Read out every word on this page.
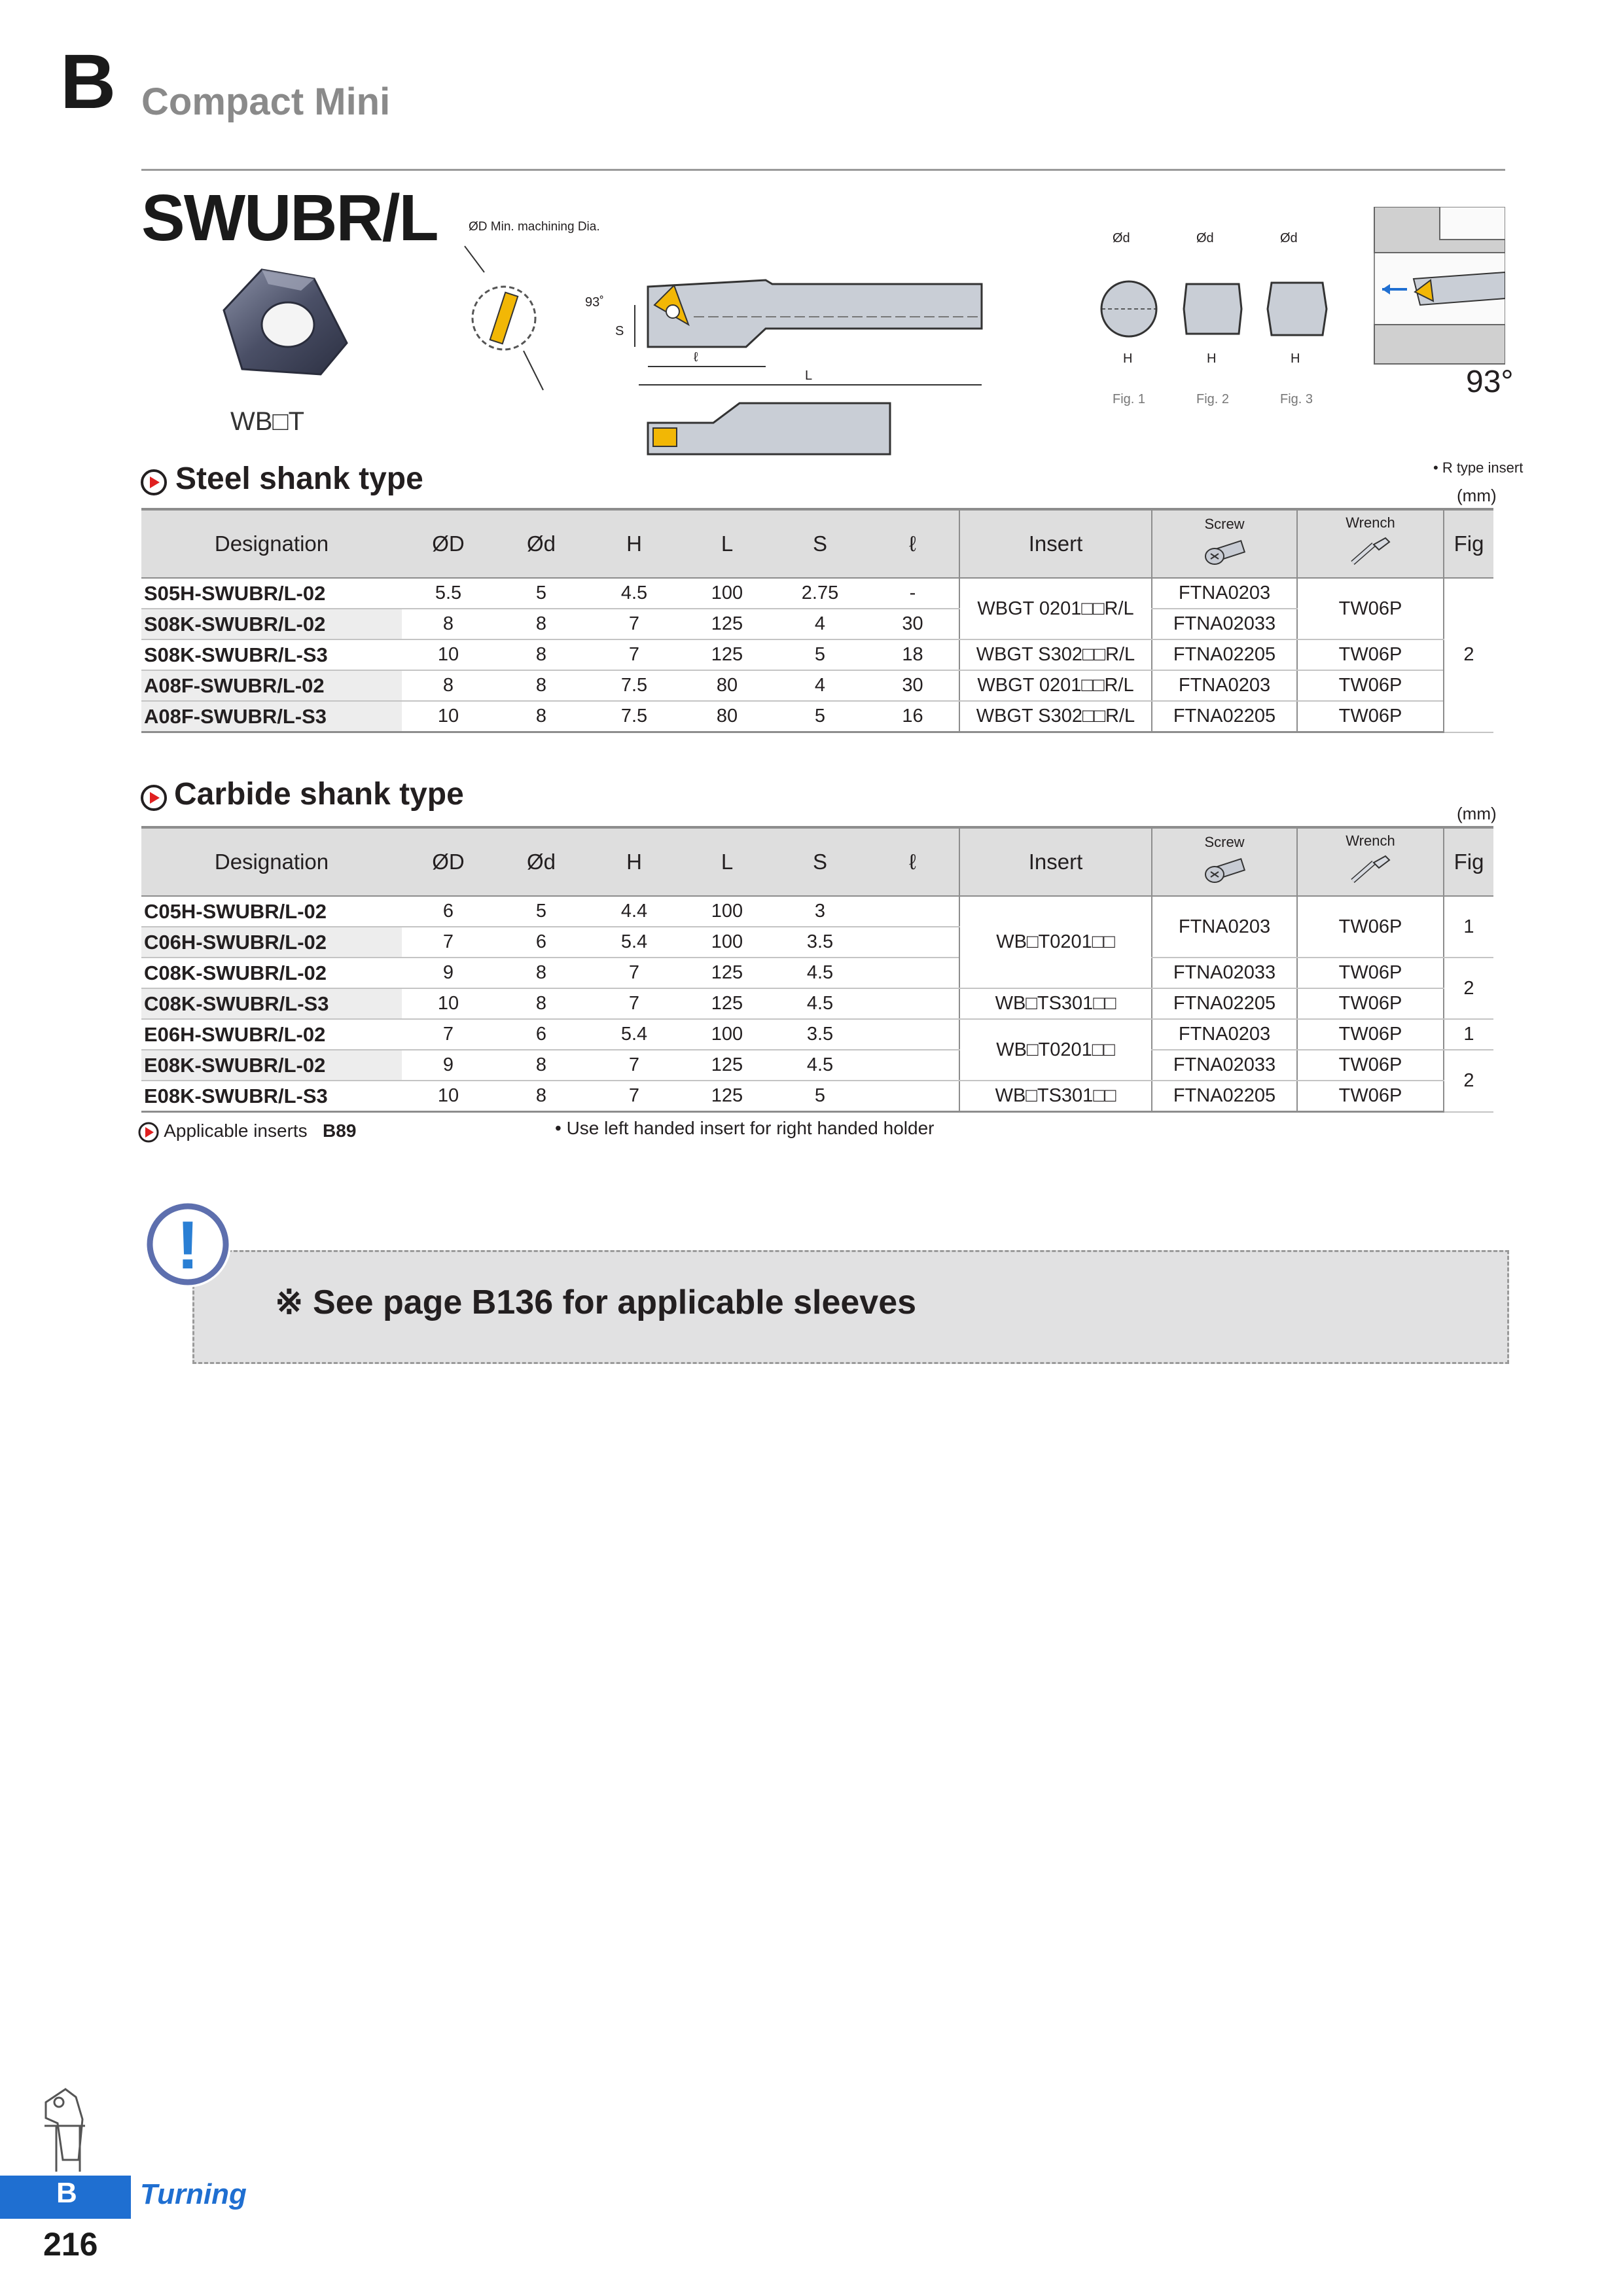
B Compact Mini
SWUBR/L
WB□T
ØD Min. machining Dia.
93˚
S
ℓ
L
Ød
H
Fig. 1
Ød
H
Fig. 2
Ød
H
Fig. 3	93°
Steel shank type	• R type insert
(mm)
Designation	ØD	Ød	H	L	S	ℓ	Insert	Screw	Wrench	Fig
S05H-SWUBR/L-02	5.5	5	4.5	100	2.75	-	WBGT 0201□□R/L	FTNA0203	TW06P	2
S08K-SWUBR/L-02	8	8	7	125	4	30		FTNA02033		
S08K-SWUBR/L-S3	10	8	7	125	5	18	WBGT S302□□R/L	FTNA02205	TW06P	
A08F-SWUBR/L-02	8	8	7.5	80	4	30	WBGT 0201□□R/L	FTNA0203	TW06P	
A08F-SWUBR/L-S3	10	8	7.5	80	5	16	WBGT S302□□R/L	FTNA02205	TW06P	
Carbide shank type
(mm)
Designation	ØD	Ød	H	L	S	ℓ	Insert	Screw	Wrench	Fig
C05H-SWUBR/L-02	6	5	4.4	100	3		WB□T0201□□	FTNA0203	TW06P	1
C06H-SWUBR/L-02	7	6	5.4	100	3.5					
C08K-SWUBR/L-02	9	8	7	125	4.5			FTNA02033	TW06P	2
C08K-SWUBR/L-S3	10	8	7	125	4.5		WB□TS301□□	FTNA02205	TW06P	
E06H-SWUBR/L-02	7	6	5.4	100	3.5		WB□T0201□□	FTNA0203	TW06P	1
E08K-SWUBR/L-02	9	8	7	125	4.5			FTNA02033	TW06P	2
E08K-SWUBR/L-S3	10	8	7	125	5		WB□TS301□□	FTNA02205	TW06P	
Applicable inserts B89	• Use left handed insert for right handed holder
!
※ See page B136 for applicable sleeves
B Turning
216
